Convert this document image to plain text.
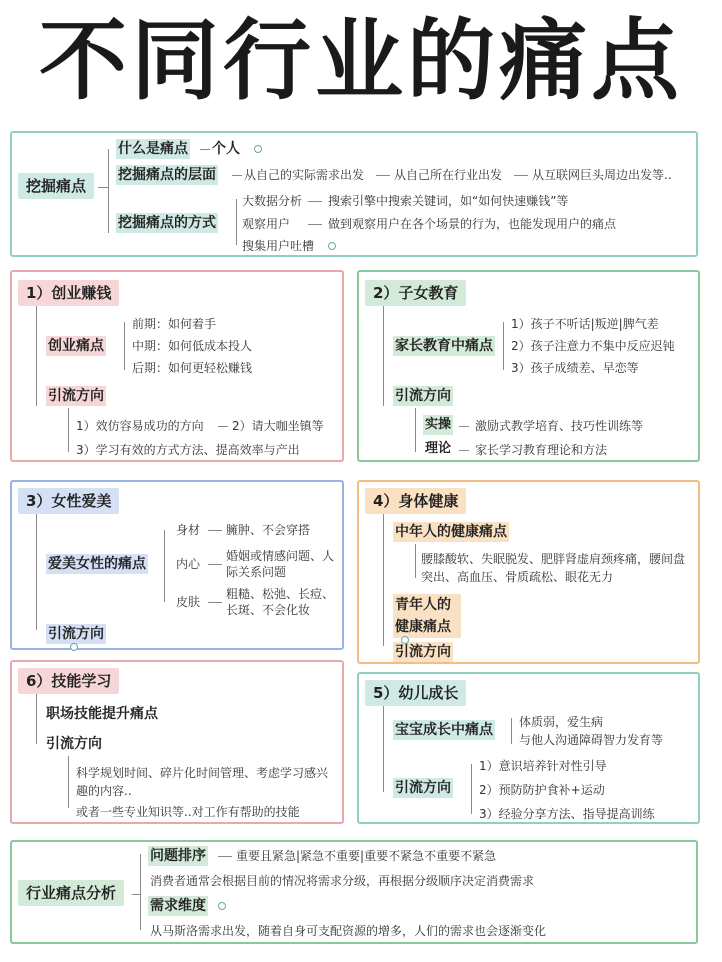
不同行业的痛点
挖掘痛点
什么是痛点 个人
挖掘痛点的层面 从自己的实际需求出发 从自己所在行业出发 从互联网巨头周边出发等..
挖掘痛点的方式
大数据分析 搜索引擎中搜索关键词，如“如何快速赚钱”等
观察用户	做到观察用户在各个场景的行为，也能发现用户的痛点
搜集用户吐槽
1）创业赚钱
创业痛点
前期：如何着手
中期：如何低成本投人
后期：如何更轻松赚钱
引流方向
1）效仿容易成功的方向 2）请大咖坐镇等
3）学习有效的方式方法、提高效率与产出
2）子女教育
家长教育中痛点
1）孩子不听话|叛逆|脾气差
2）孩子注意力不集中反应迟钝
3）孩子成绩差、早恋等
引流方向
实操 激励式教学培育、技巧性训练等
理论 家长学习教育理论和方法
3）女性爱美
爱美女性的痛点
身材 臃肿、不会穿搭
内心
婚姻或情感问题、人际关系问题
皮肤
粗糙、松弛、长痘、长斑、不会化妆
引流方向
4）身体健康
中年人的健康痛点
腰膝酸软、失眠脱发、肥胖肾虚肩颈疼痛，腰间盘突出、高血压、骨质疏松、眼花无力
青年人的健康痛点
引流方向
6）技能学习
职场技能提升痛点
引流方向
科学规划时间、碎片化时间管理、考虑学习感兴趣的内容..
或者一些专业知识等..对工作有帮助的技能
5）幼儿成长
宝宝成长中痛点 体质弱，爱生病
与他人沟通障碍智力发育等
引流方向
1）意识培养针对性引导
2）预防防护食补+运动
3）经验分享方法、指导提高训练
行业痛点分析
问题排序	重要且紧急|紧急不重要|重要不紧急不重要不紧急
消费者通常会根据目前的情况将需求分级，再根据分级顺序决定消费需求
需求维度
从马斯洛需求出发，随着自身可支配资源的增多，人们的需求也会逐渐变化
